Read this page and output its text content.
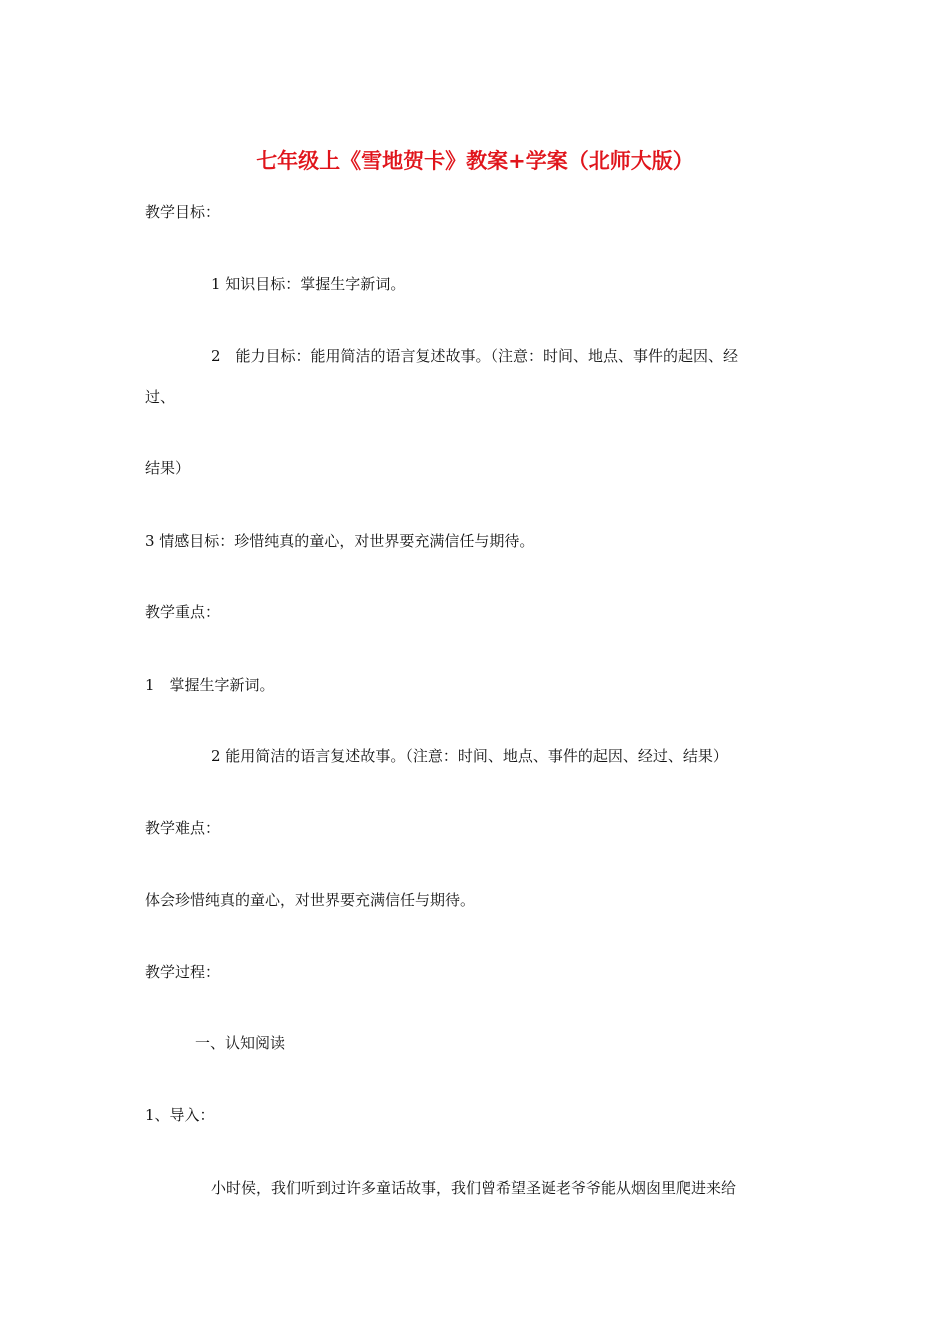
七年级上《雪地贺卡》教案+学案（北师大版）
教学目标：
1 知识目标：掌握生字新词。
2　能力目标：能用简洁的语言复述故事。（注意：时间、地点、事件的起因、经
过、
结果）
3 情感目标：珍惜纯真的童心，对世界要充满信任与期待。
教学重点：
1　掌握生字新词。
2 能用简洁的语言复述故事。（注意：时间、地点、事件的起因、经过、结果）
教学难点：
体会珍惜纯真的童心，对世界要充满信任与期待。
教学过程：
一、认知阅读
1、导入：
小时侯，我们听到过许多童话故事，我们曾希望圣诞老爷爷能从烟囱里爬进来给
